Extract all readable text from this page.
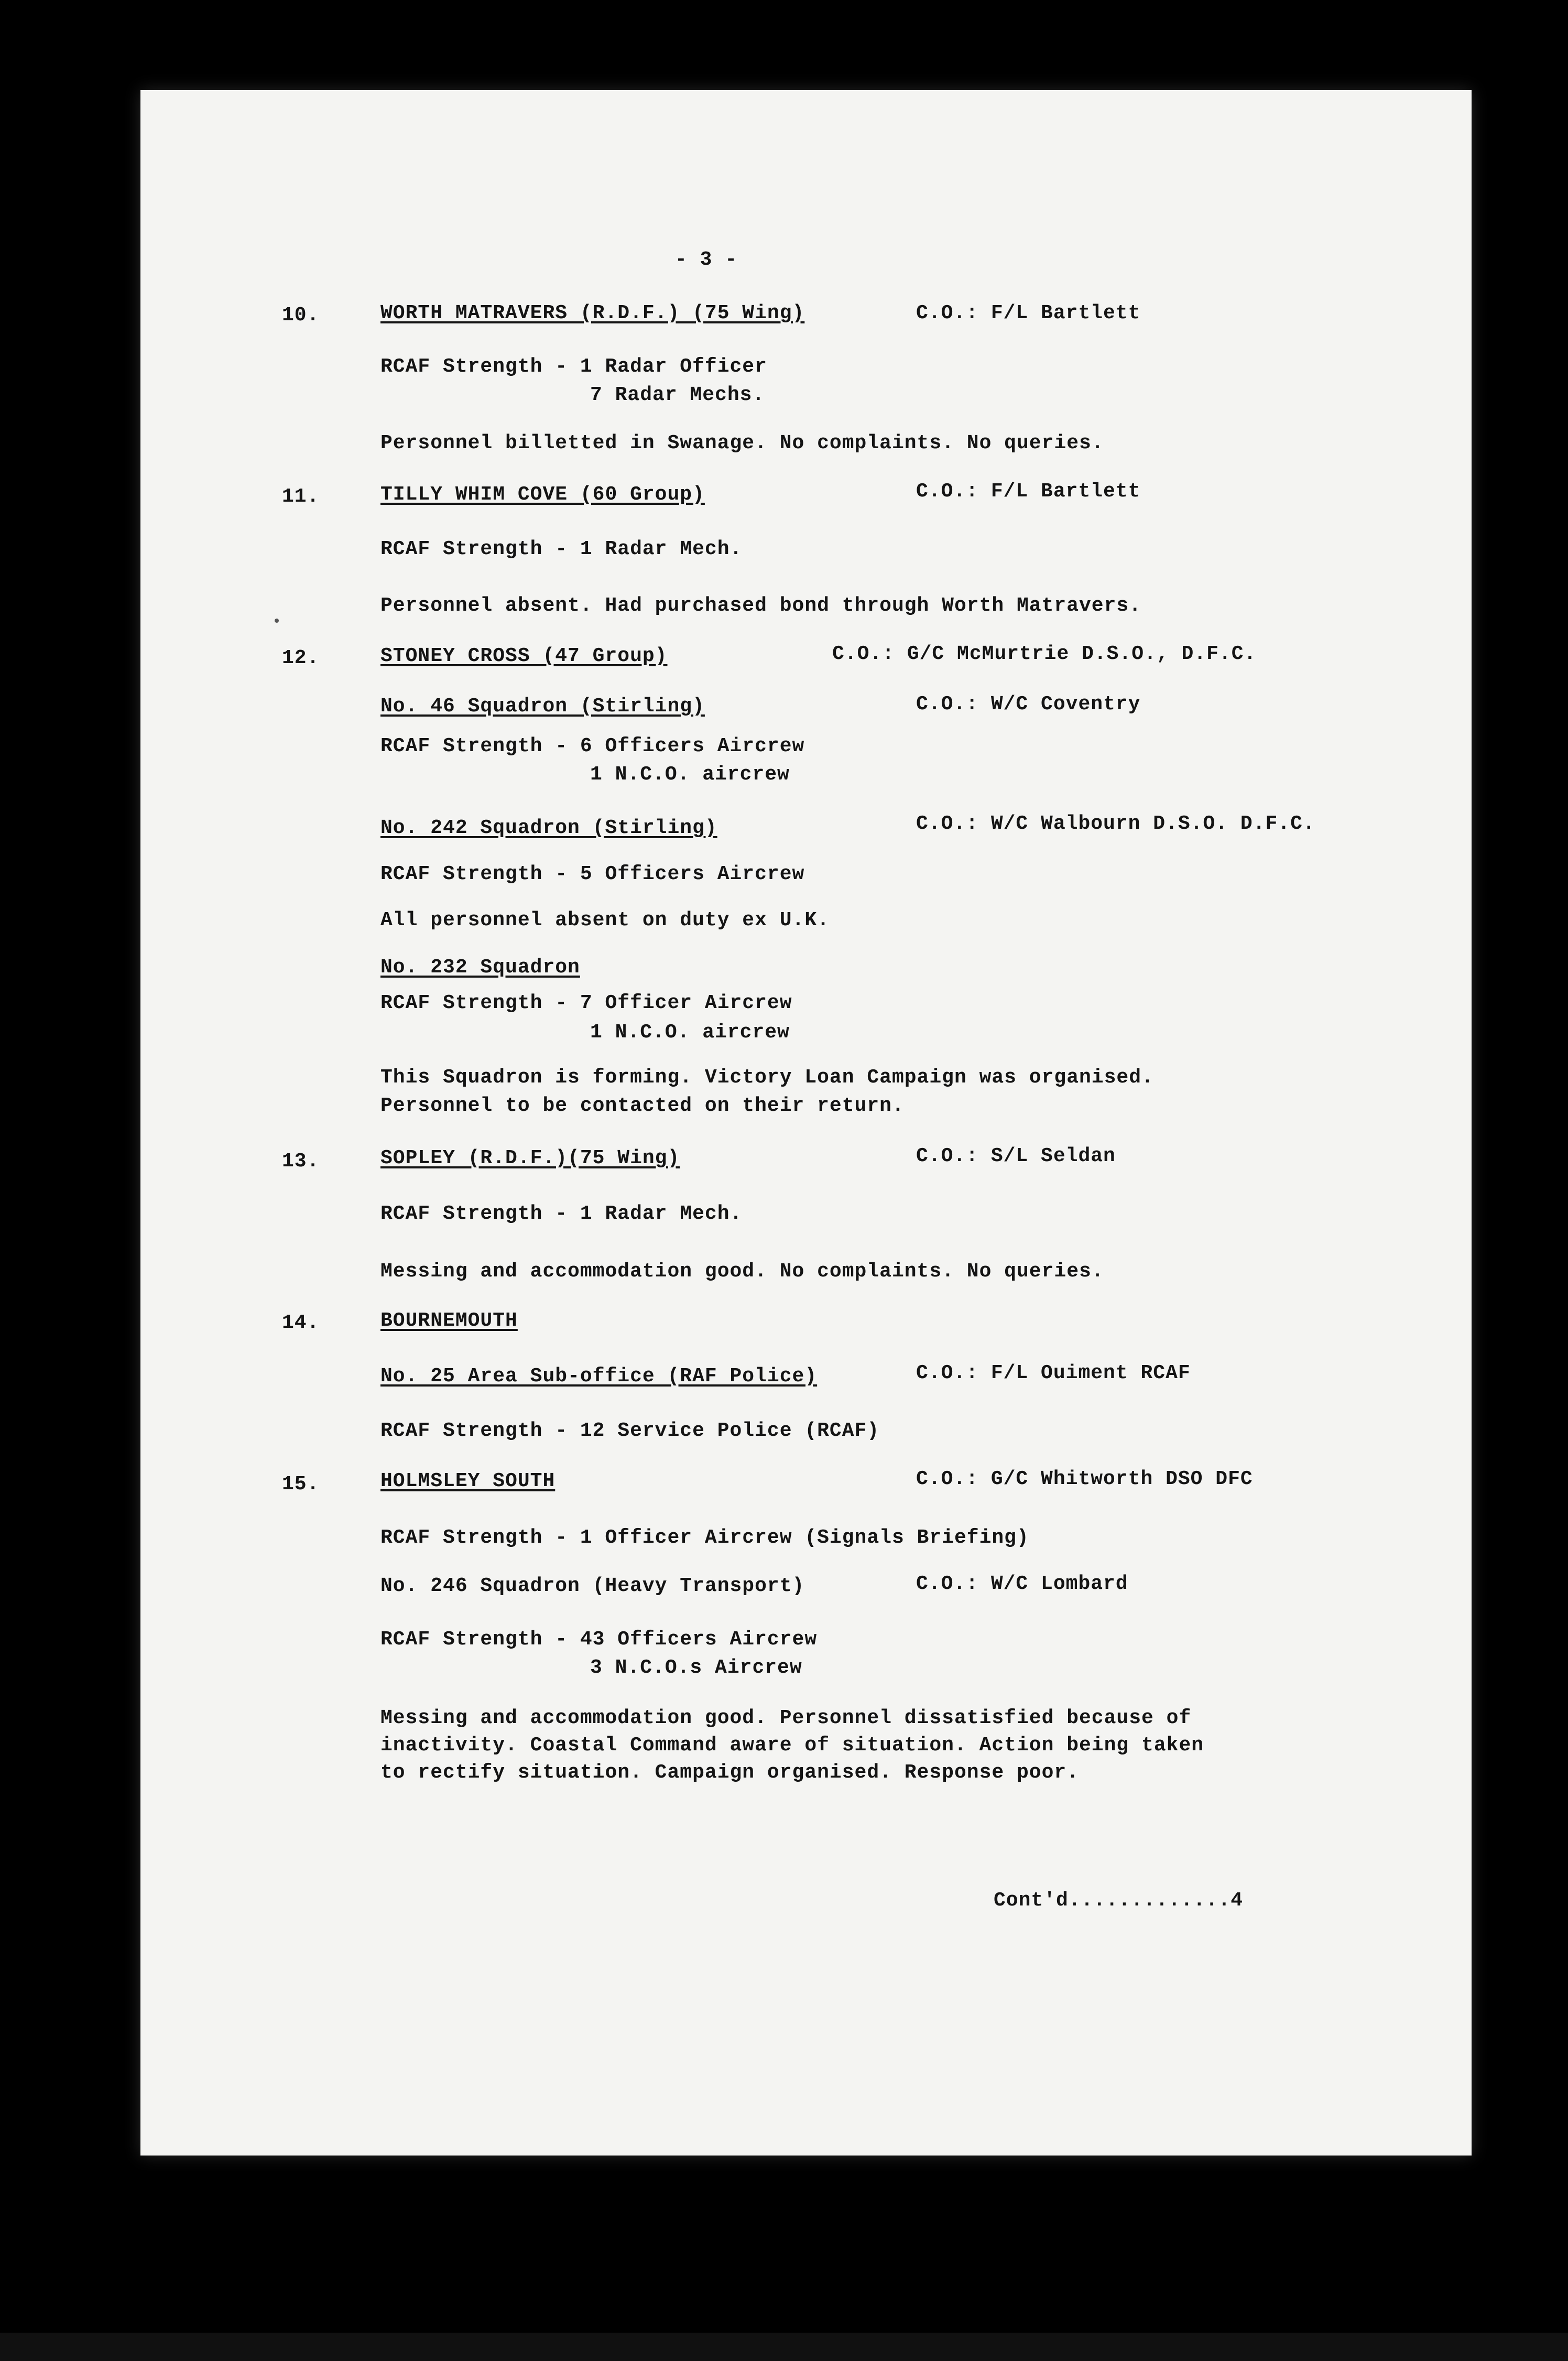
- 3 -
10.	WORTH MATRAVERS (R.D.F.) (75 Wing)	C.O.: F/L Bartlett
RCAF Strength - 1 Radar Officer
7 Radar Mechs.
Personnel billetted in Swanage. No complaints. No queries.
11.	TILLY WHIM COVE (60 Group)	C.O.: F/L Bartlett
RCAF Strength - 1 Radar Mech.
Personnel absent. Had purchased bond through Worth Matravers.
12.	STONEY CROSS (47 Group)	C.O.: G/C McMurtrie D.S.O., D.F.C.
No. 46 Squadron (Stirling)	C.O.: W/C Coventry
RCAF Strength - 6 Officers Aircrew
1 N.C.O. aircrew
No. 242 Squadron (Stirling)	C.O.: W/C Walbourn D.S.O. D.F.C.
RCAF Strength - 5 Officers Aircrew
All personnel absent on duty ex U.K.
No. 232 Squadron
RCAF Strength - 7 Officer Aircrew
1 N.C.O. aircrew
This Squadron is forming. Victory Loan Campaign was organised.
Personnel to be contacted on their return.
13.	SOPLEY (R.D.F.)(75 Wing)	C.O.: S/L Seldan
RCAF Strength - 1 Radar Mech.
Messing and accommodation good. No complaints. No queries.
14.	BOURNEMOUTH
No. 25 Area Sub-office (RAF Police)	C.O.: F/L Ouiment RCAF
RCAF Strength - 12 Service Police (RCAF)
15.	HOLMSLEY SOUTH	C.O.: G/C Whitworth DSO DFC
RCAF Strength - 1 Officer Aircrew (Signals Briefing)
No. 246 Squadron (Heavy Transport)	C.O.: W/C Lombard
RCAF Strength - 43 Officers Aircrew
3 N.C.O.s Aircrew
Messing and accommodation good. Personnel dissatisfied because of
inactivity. Coastal Command aware of situation. Action being taken
to rectify situation. Campaign organised. Response poor.
Cont'd.............4
